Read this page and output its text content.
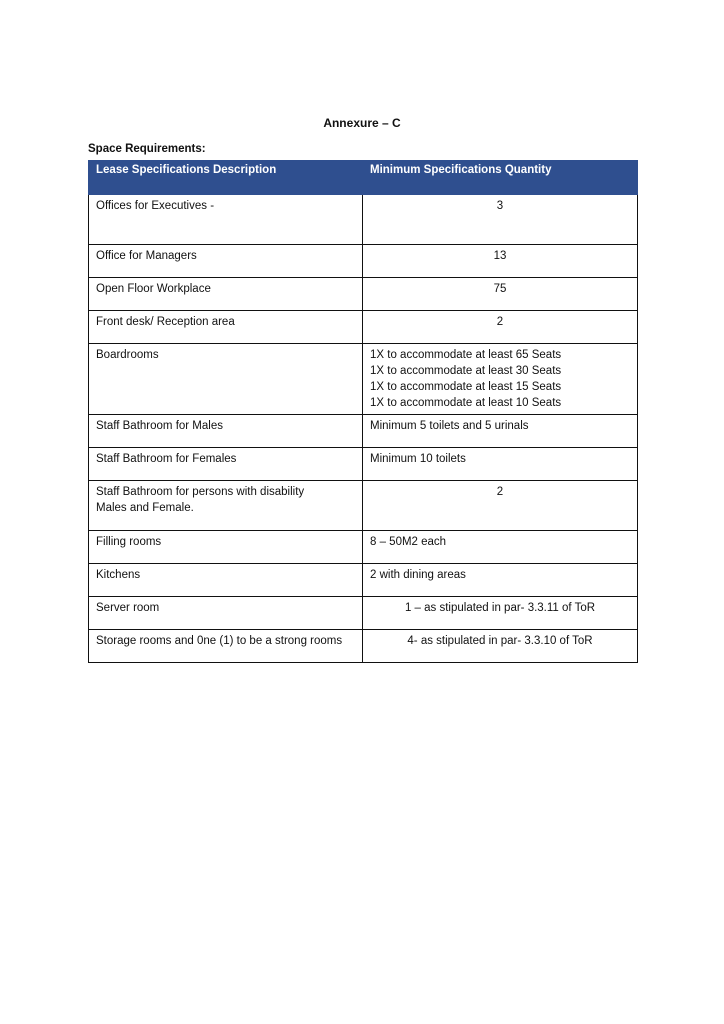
Annexure – C
Space Requirements:
Lease Specifications Description	Minimum Specifications Quantity
Offices for Executives -	3
Office for Managers	13
Open Floor Workplace	75
Front desk/ Reception area	2
Boardrooms	1X to accommodate at least 65 Seats
1X to accommodate at least 30 Seats
1X to accommodate at least 15 Seats
1X to accommodate at least 10 Seats

Staff Bathroom for Males	Minimum 5 toilets and 5 urinals
Staff Bathroom for Females	Minimum 10 toilets

Staff Bathroom for persons with disability
Males and Female.	2
Filling rooms	8 – 50M2 each
Kitchens	2 with dining areas
Server room	1 – as stipulated in par- 3.3.11 of ToR
Storage rooms and 0ne (1) to be a strong rooms	4- as stipulated in par- 3.3.10 of ToR
